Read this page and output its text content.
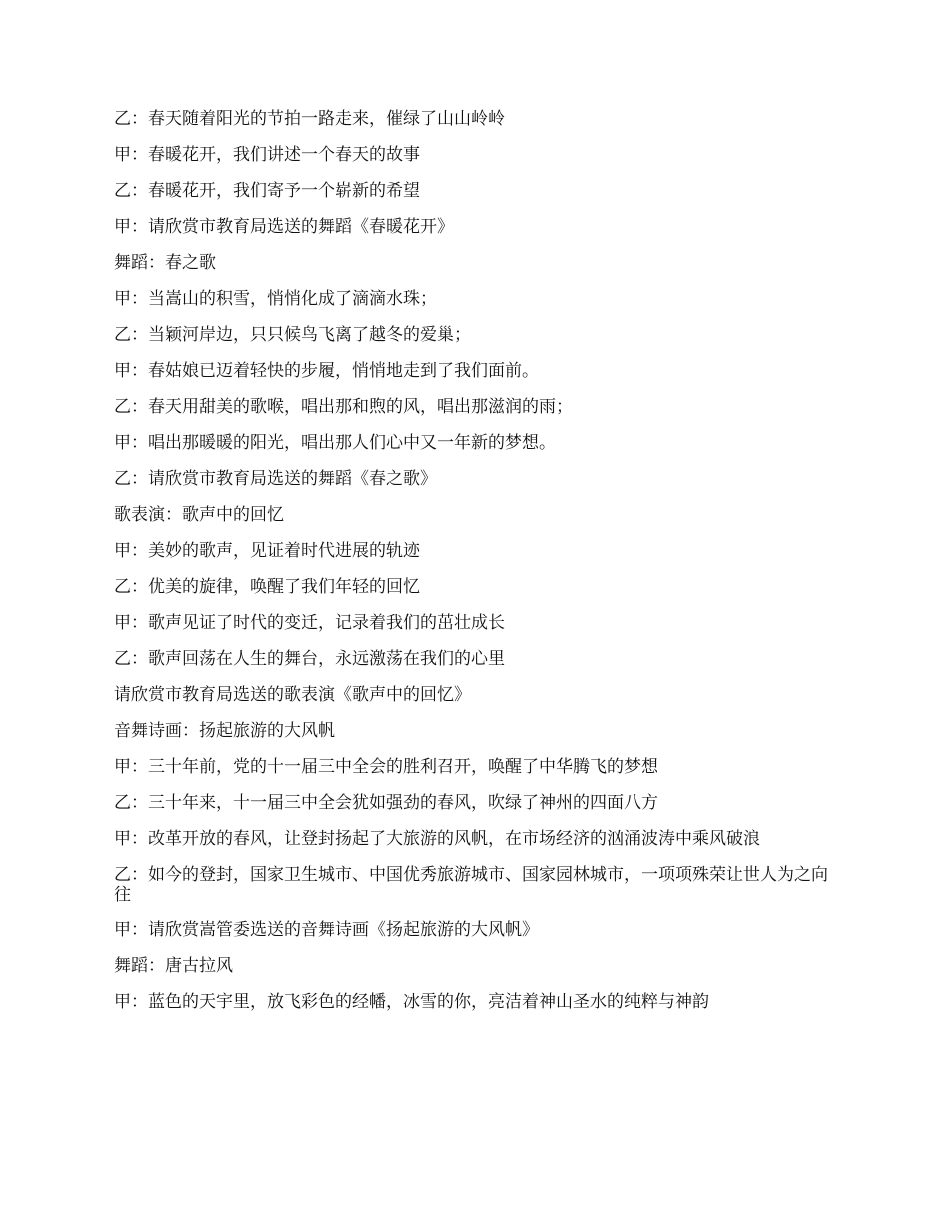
乙：春天随着阳光的节拍一路走来，催绿了山山岭岭
甲：春暖花开，我们讲述一个春天的故事
乙：春暖花开，我们寄予一个崭新的希望
甲：请欣赏市教育局选送的舞蹈《春暖花开》
舞蹈：春之歌
甲：当嵩山的积雪，悄悄化成了滴滴水珠；
乙：当颖河岸边，只只候鸟飞离了越冬的爱巢；
甲：春姑娘已迈着轻快的步履，悄悄地走到了我们面前。
乙：春天用甜美的歌喉，唱出那和煦的风，唱出那滋润的雨；
甲：唱出那暖暖的阳光，唱出那人们心中又一年新的梦想。
乙：请欣赏市教育局选送的舞蹈《春之歌》
歌表演：歌声中的回忆
甲：美妙的歌声，见证着时代进展的轨迹
乙：优美的旋律，唤醒了我们年轻的回忆
甲：歌声见证了时代的变迁，记录着我们的茁壮成长
乙：歌声回荡在人生的舞台，永远激荡在我们的心里
请欣赏市教育局选送的歌表演《歌声中的回忆》
音舞诗画：扬起旅游的大风帆
甲：三十年前，党的十一届三中全会的胜利召开，唤醒了中华腾飞的梦想
乙：三十年来，十一届三中全会犹如强劲的春风，吹绿了神州的四面八方
甲：改革开放的春风，让登封扬起了大旅游的风帆，在市场经济的汹涌波涛中乘风破浪
乙：如今的登封，国家卫生城市、中国优秀旅游城市、国家园林城市，一项项殊荣让世人为之向往
甲：请欣赏嵩管委选送的音舞诗画《扬起旅游的大风帆》
舞蹈：唐古拉风
甲：蓝色的天宇里，放飞彩色的经幡，冰雪的你，亮洁着神山圣水的纯粹与神韵
